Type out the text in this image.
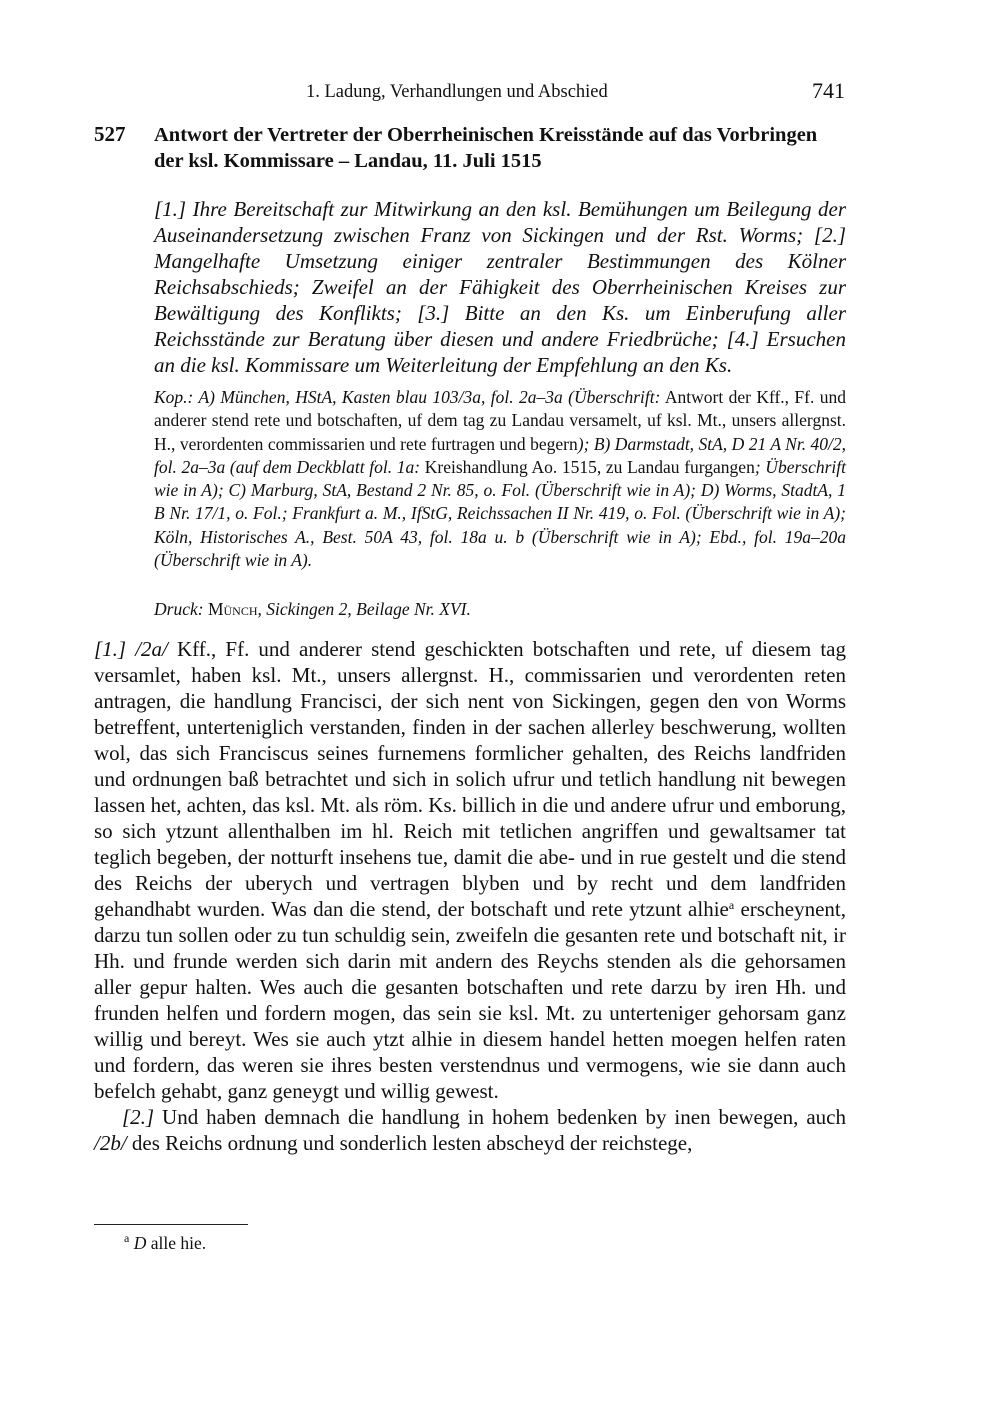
1. Ladung, Verhandlungen und Abschied	741
527 Antwort der Vertreter der Oberrheinischen Kreisstände auf das Vorbringen der ksl. Kommissare – Landau, 11. Juli 1515
[1.] Ihre Bereitschaft zur Mitwirkung an den ksl. Bemühungen um Beilegung der Auseinandersetzung zwischen Franz von Sickingen und der Rst. Worms; [2.] Mangelhafte Umsetzung einiger zentraler Bestimmungen des Kölner Reichsabschieds; Zweifel an der Fähigkeit des Oberrheinischen Kreises zur Bewältigung des Konflikts; [3.] Bitte an den Ks. um Einberufung aller Reichsstände zur Beratung über diesen und andere Friedbrüche; [4.] Ersuchen an die ksl. Kommissare um Weiterleitung der Empfehlung an den Ks.
Kop.: A) München, HStA, Kasten blau 103/3a, fol. 2a–3a (Überschrift: Antwort der Kff., Ff. und anderer stend rete und botschaften, uf dem tag zu Landau versamelt, uf ksl. Mt., unsers allergnst. H., verordenten commissarien und rete furtragen und begern); B) Darmstadt, StA, D 21 A Nr. 40/2, fol. 2a–3a (auf dem Deckblatt fol. 1a: Kreishandlung Ao. 1515, zu Landau furgangen; Überschrift wie in A); C) Marburg, StA, Bestand 2 Nr. 85, o. Fol. (Überschrift wie in A); D) Worms, StadtA, 1 B Nr. 17/1, o. Fol.; Frankfurt a. M., IfStG, Reichssachen II Nr. 419, o. Fol. (Überschrift wie in A); Köln, Historisches A., Best. 50A 43, fol. 18a u. b (Überschrift wie in A); Ebd., fol. 19a–20a (Überschrift wie in A).
Druck: Münch, Sickingen 2, Beilage Nr. XVI.

[1.] /2a/ Kff., Ff. und anderer stend geschickten botschaften und rete, uf diesem tag versamlet, haben ksl. Mt., unsers allergnst. H., commissarien und verordenten reten antragen, die handlung Francisci, der sich nent von Sickingen, gegen den von Worms betreffent, unterteniglich verstanden, finden in der sachen allerley beschwerung, wollten wol, das sich Franciscus seines furnemens formlicher gehalten, des Reichs landfriden und ordnungen baß betrachtet und sich in solich ufrur und tetlich handlung nit bewegen lassen het, achten, das ksl. Mt. als röm. Ks. billich in die und andere ufrur und emborung, so sich ytzunt allenthalben im hl. Reich mit tetlichen angriffen und gewaltsamer tat teglich begeben, der notturft insehens tue, damit die abe- und in rue gestelt und die stend des Reichs der uberych und vertragen blyben und by recht und dem landfriden gehandhabt wurden. Was dan die stend, der botschaft und rete ytzunt alhie$^a$ erscheynent, darzu tun sollen oder zu tun schuldig sein, zweifeln die gesanten rete und botschaft nit, ir Hh. und frunde werden sich darin mit andern des Reychs stenden als die gehorsamen aller gepur halten. Wes auch die gesanten botschaften und rete darzu by iren Hh. und frunden helfen und fordern mogen, das sein sie ksl. Mt. zu unterteniger gehorsam ganz willig und bereyt. Wes sie auch ytzt alhie in diesem handel hetten moegen helfen raten und fordern, das weren sie ihres besten verstendnus und vermogens, wie sie dann auch befelch gehabt, ganz geneygt und willig gewest.

[2.] Und haben demnach die handlung in hohem bedenken by inen bewegen, auch /2b/ des Reichs ordnung und sonderlich lesten abscheyd der reichstege,

$^a$ D alle hie.
